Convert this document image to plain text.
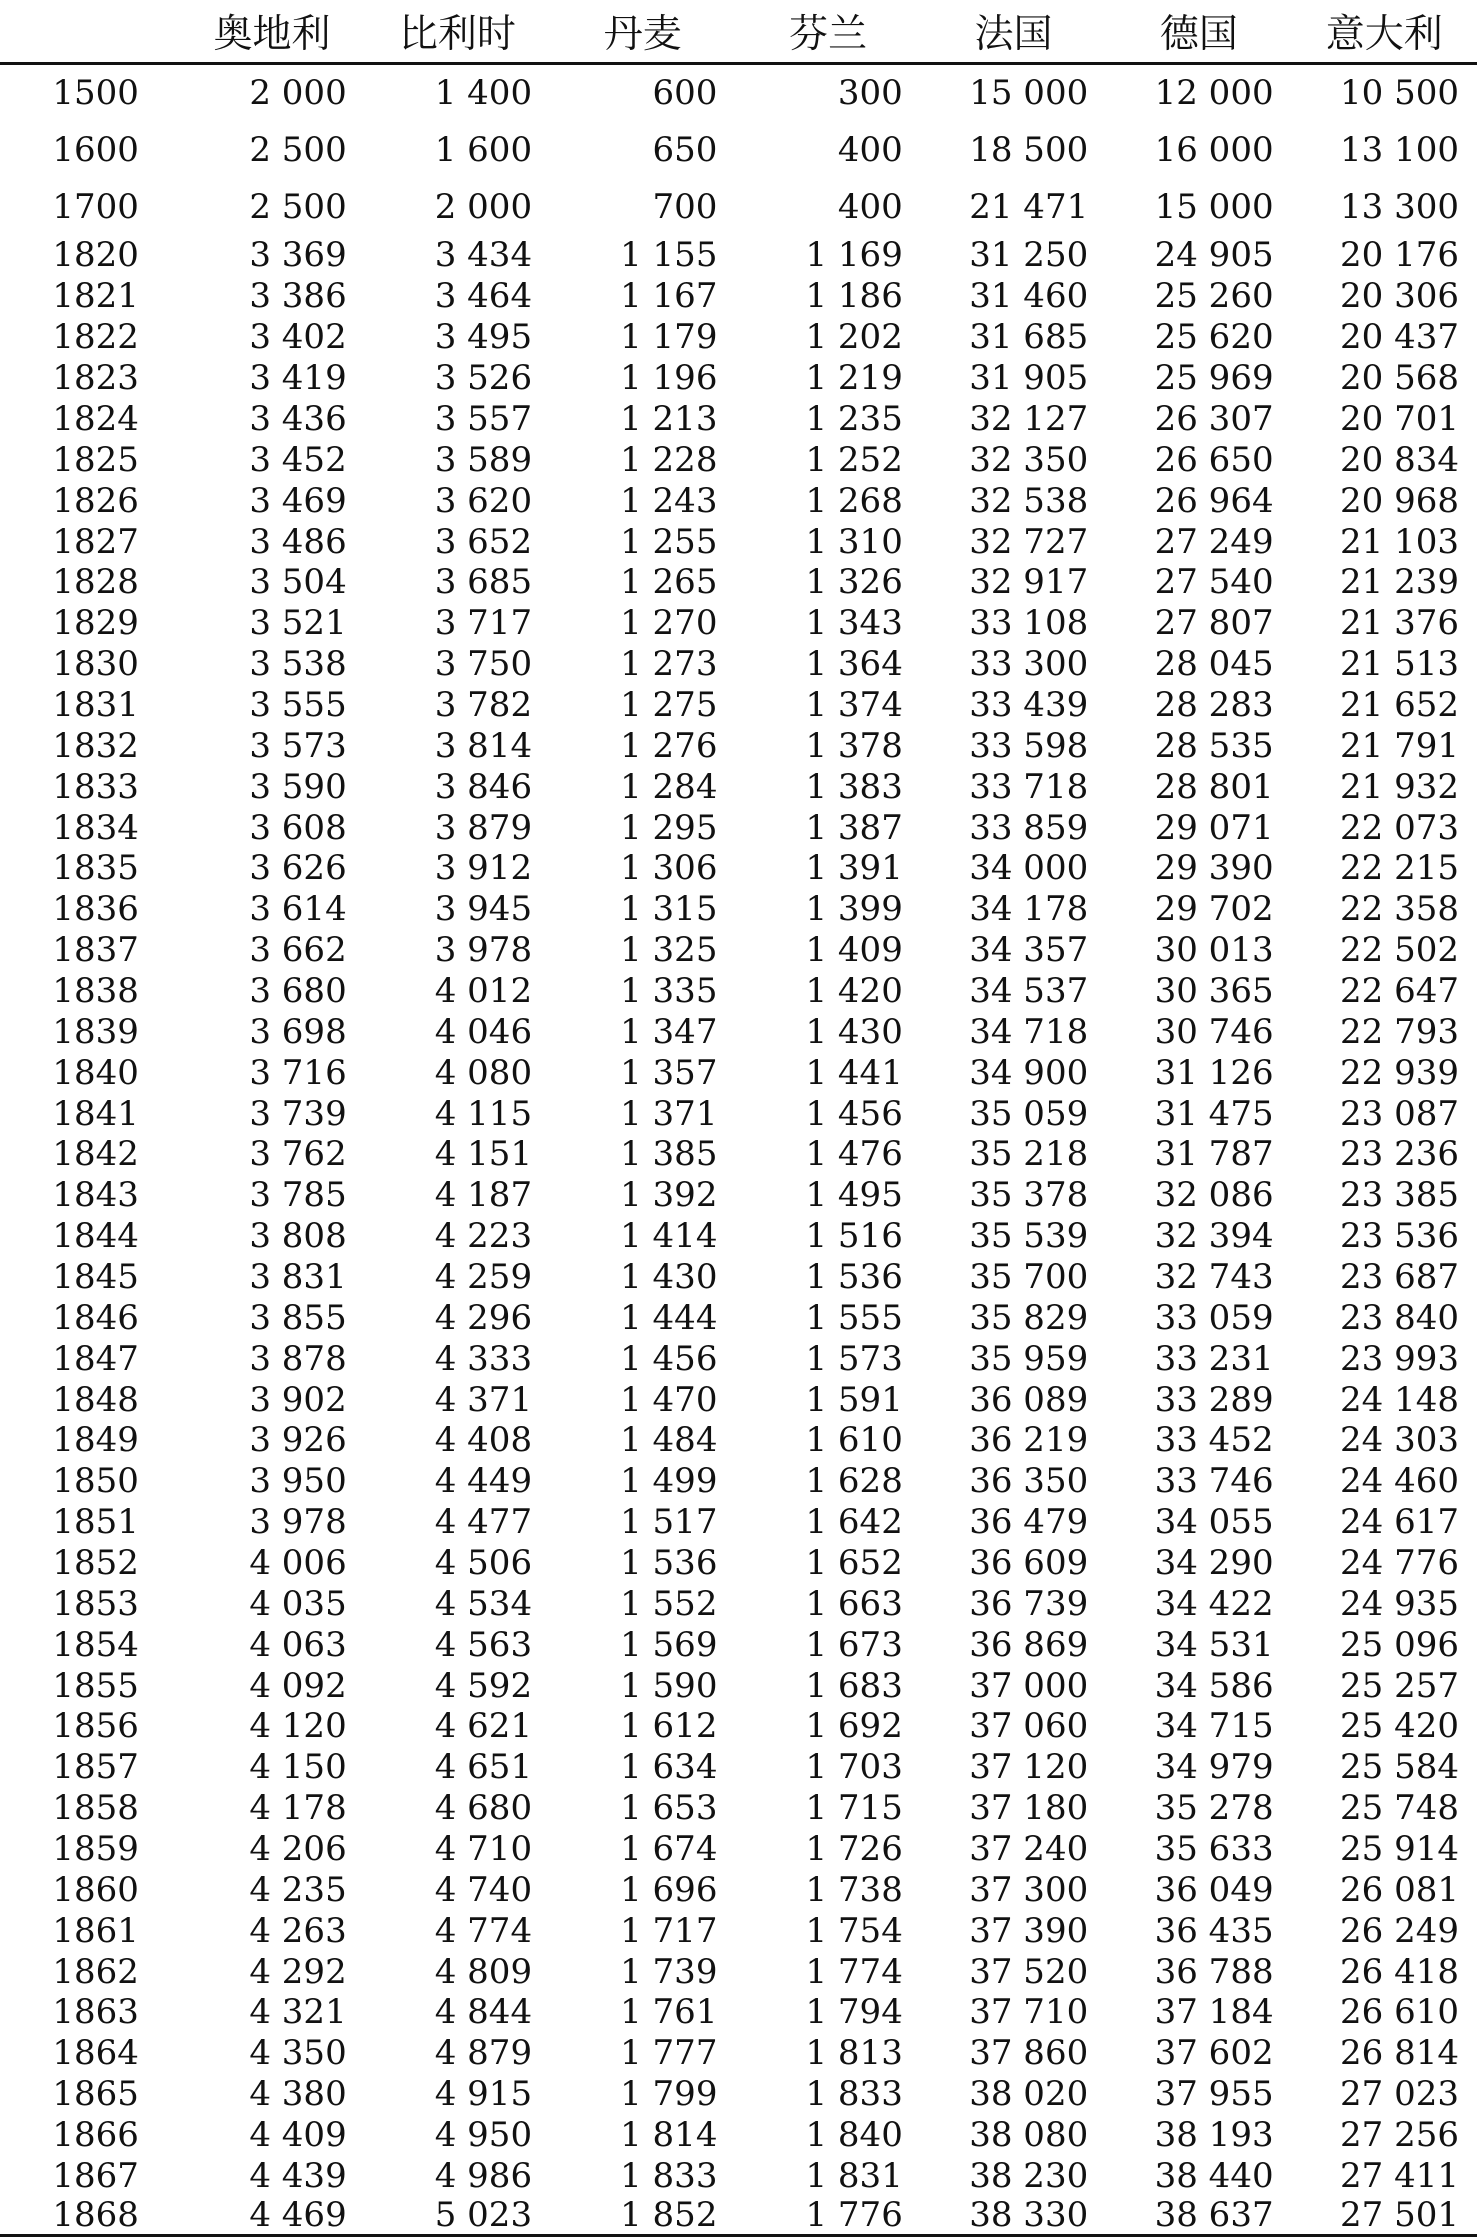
	奥地利	比利时	丹麦	芬兰	法国	德国	意大利
1500	2 000	1 400	600	300	15 000	12 000	10 500
1600	2 500	1 600	650	400	18 500	16 000	13 100
1700	2 500	2 000	700	400	21 471	15 000	13 300
1820	3 369	3 434	1 155	1 169	31 250	24 905	20 176
1821	3 386	3 464	1 167	1 186	31 460	25 260	20 306
1822	3 402	3 495	1 179	1 202	31 685	25 620	20 437
1823	3 419	3 526	1 196	1 219	31 905	25 969	20 568
1824	3 436	3 557	1 213	1 235	32 127	26 307	20 701
1825	3 452	3 589	1 228	1 252	32 350	26 650	20 834
1826	3 469	3 620	1 243	1 268	32 538	26 964	20 968
1827	3 486	3 652	1 255	1 310	32 727	27 249	21 103
1828	3 504	3 685	1 265	1 326	32 917	27 540	21 239
1829	3 521	3 717	1 270	1 343	33 108	27 807	21 376
1830	3 538	3 750	1 273	1 364	33 300	28 045	21 513
1831	3 555	3 782	1 275	1 374	33 439	28 283	21 652
1832	3 573	3 814	1 276	1 378	33 598	28 535	21 791
1833	3 590	3 846	1 284	1 383	33 718	28 801	21 932
1834	3 608	3 879	1 295	1 387	33 859	29 071	22 073
1835	3 626	3 912	1 306	1 391	34 000	29 390	22 215
1836	3 614	3 945	1 315	1 399	34 178	29 702	22 358
1837	3 662	3 978	1 325	1 409	34 357	30 013	22 502
1838	3 680	4 012	1 335	1 420	34 537	30 365	22 647
1839	3 698	4 046	1 347	1 430	34 718	30 746	22 793
1840	3 716	4 080	1 357	1 441	34 900	31 126	22 939
1841	3 739	4 115	1 371	1 456	35 059	31 475	23 087
1842	3 762	4 151	1 385	1 476	35 218	31 787	23 236
1843	3 785	4 187	1 392	1 495	35 378	32 086	23 385
1844	3 808	4 223	1 414	1 516	35 539	32 394	23 536
1845	3 831	4 259	1 430	1 536	35 700	32 743	23 687
1846	3 855	4 296	1 444	1 555	35 829	33 059	23 840
1847	3 878	4 333	1 456	1 573	35 959	33 231	23 993
1848	3 902	4 371	1 470	1 591	36 089	33 289	24 148
1849	3 926	4 408	1 484	1 610	36 219	33 452	24 303
1850	3 950	4 449	1 499	1 628	36 350	33 746	24 460
1851	3 978	4 477	1 517	1 642	36 479	34 055	24 617
1852	4 006	4 506	1 536	1 652	36 609	34 290	24 776
1853	4 035	4 534	1 552	1 663	36 739	34 422	24 935
1854	4 063	4 563	1 569	1 673	36 869	34 531	25 096
1855	4 092	4 592	1 590	1 683	37 000	34 586	25 257
1856	4 120	4 621	1 612	1 692	37 060	34 715	25 420
1857	4 150	4 651	1 634	1 703	37 120	34 979	25 584
1858	4 178	4 680	1 653	1 715	37 180	35 278	25 748
1859	4 206	4 710	1 674	1 726	37 240	35 633	25 914
1860	4 235	4 740	1 696	1 738	37 300	36 049	26 081
1861	4 263	4 774	1 717	1 754	37 390	36 435	26 249
1862	4 292	4 809	1 739	1 774	37 520	36 788	26 418
1863	4 321	4 844	1 761	1 794	37 710	37 184	26 610
1864	4 350	4 879	1 777	1 813	37 860	37 602	26 814
1865	4 380	4 915	1 799	1 833	38 020	37 955	27 023
1866	4 409	4 950	1 814	1 840	38 080	38 193	27 256
1867	4 439	4 986	1 833	1 831	38 230	38 440	27 411
1868	4 469	5 023	1 852	1 776	38 330	38 637	27 501
